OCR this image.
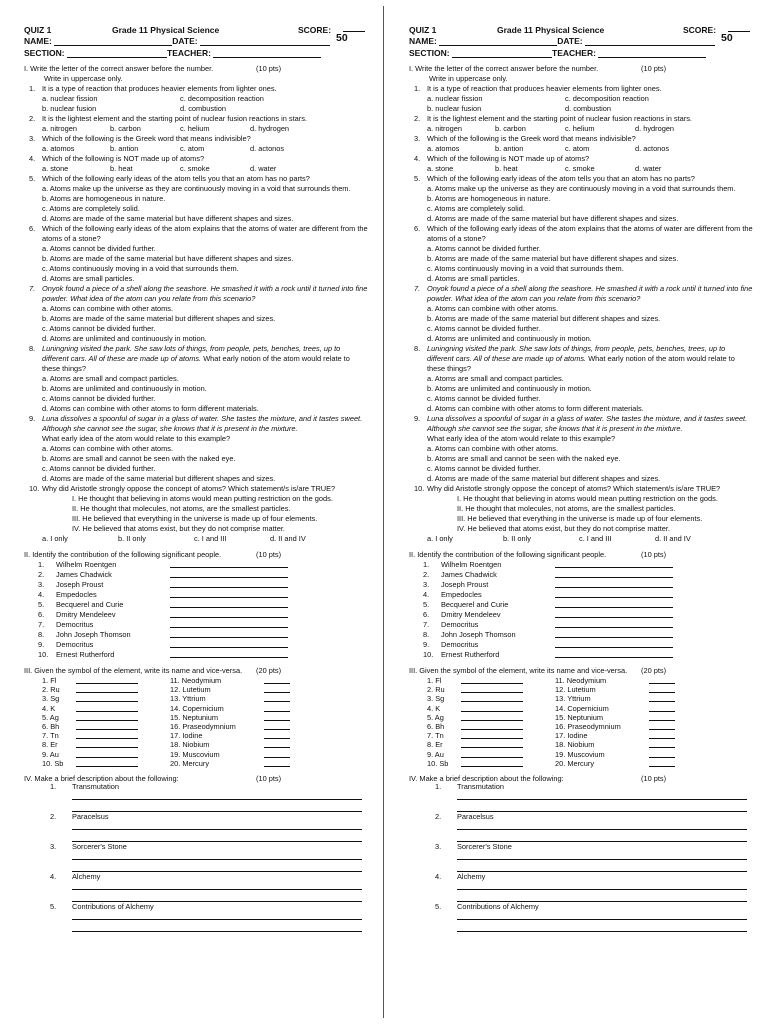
QUIZ 1	Grade 11 Physical Science	SCORE:
50
NAME:	DATE:
SECTION:	TEACHER:
I. Write the letter of the correct answer before the number.	(10 pts)
Write in uppercase only.
1. It is a type of reaction that produces heavier elements from lighter ones.
a. nuclear fission	c. decomposition reaction
b. nuclear fusion	d. combustion
2. It is the lightest element and the starting point of nuclear fusion reactions in stars.
a. nitrogen	b. carbon	c. helium	d. hydrogen
3. Which of the following is the Greek word that means indivisible?
a. atomos	b. antion	c. atom	d. actonos
4. Which of the following is NOT made up of atoms?
a. stone	b. heat	c. smoke	d. water
5. Which of the following early ideas of the atom tells you that an atom has no parts?
a. Atoms make up the universe as they are continuously moving in a void that surrounds them.
b. Atoms are homogeneous in nature.
c. Atoms are completely solid.
d. Atoms are made of the same material but have different shapes and sizes.
6. Which of the following early ideas of the atom explains that the atoms of water are different from the atoms of a stone?
a. Atoms cannot be divided further.
b. Atoms are made of the same material but have different shapes and sizes.
c. Atoms continuously moving in a void that surrounds them.
d. Atoms are small particles.
7. Onyok found a piece of a shell along the seashore. He smashed it with a rock until it turned into fine powder. What idea of the atom can you relate from this scenario?
a. Atoms can combine with other atoms.
b. Atoms are made of the same material but different shapes and sizes.
c. Atoms cannot be divided further.
d. Atoms are unlimited and continuously in motion.
8. Luningning visited the park. She saw lots of things, from people, pets, benches, trees, up to different cars. All of these are made up of atoms. What early notion of the atom would relate to these things?
a. Atoms are small and compact particles.
b. Atoms are unlimited and continuously in motion.
c. Atoms cannot be divided further.
d. Atoms can combine with other atoms to form different materials.
9. Luna dissolves a spoonful of sugar in a glass of water. She tastes the mixture, and it tastes sweet. Although she cannot see the sugar, she knows that it is present in the mixture.
What early idea of the atom would relate to this example?
a. Atoms can combine with other atoms.
b. Atoms are small and cannot be seen with the naked eye.
c. Atoms cannot be divided further.
d. Atoms are made of the same material but different shapes and sizes.
10. Why did Aristotle strongly oppose the concept of atoms? Which statement/s is/are TRUE?
I. He thought that believing in atoms would mean putting restriction on the gods.
II. He thought that molecules, not atoms, are the smallest particles.
III. He believed that everything in the universe is made up of four elements.
IV. He believed that atoms exist, but they do not comprise matter.
a. I only	b. II only	c. I and III	d. II and IV
II. Identify the contribution of the following significant people.	(10 pts)
1. Wilhelm Roentgen
2. James Chadwick
3. Joseph Proust
4. Empedocles
5. Becquerel and Curie
6. Dmitry Mendeleev
7. Democritus
8. John Joseph Thomson
9. Democritus
10. Ernest Rutherford
III. Given the symbol of the element, write its name and vice-versa. (20 pts)
1. Fl	11. Neodymium
2. Ru	12. Lutetium
3. Sg	13. Yttrium
4. K	14. Copernicium
5. Ag	15. Neptunium
6. Bh	16. Praseodymnium
7. Tn	17. Iodine
8. Er	18. Niobium
9. Au	19. Muscovium
10. Sb	20. Mercury
IV. Make a brief description about the following:	(10 pts)
1. Transmutation
2. Paracelsus
3. Sorcerer's Stone
4. Alchemy
5. Contributions of Alchemy
QUIZ 1	Grade 11 Physical Science	SCORE:
50
NAME:	DATE:
SECTION:	TEACHER:
I. Write the letter of the correct answer before the number.	(10 pts)
Write in uppercase only.
1. It is a type of reaction that produces heavier elements from lighter ones.
a. nuclear fission	c. decomposition reaction
b. nuclear fusion	d. combustion
2. It is the lightest element and the starting point of nuclear fusion reactions in stars.
a. nitrogen	b. carbon	c. helium	d. hydrogen
3. Which of the following is the Greek word that means indivisible?
a. atomos	b. antion	c. atom	d. actonos
4. Which of the following is NOT made up of atoms?
a. stone	b. heat	c. smoke	d. water
5. Which of the following early ideas of the atom tells you that an atom has no parts?
a. Atoms make up the universe as they are continuously moving in a void that surrounds them.
b. Atoms are homogeneous in nature.
c. Atoms are completely solid.
d. Atoms are made of the same material but have different shapes and sizes.
6. Which of the following early ideas of the atom explains that the atoms of water are different from the atoms of a stone?
a. Atoms cannot be divided further.
b. Atoms are made of the same material but have different shapes and sizes.
c. Atoms continuously moving in a void that surrounds them.
d. Atoms are small particles.
7. Onyok found a piece of a shell along the seashore. He smashed it with a rock until it turned into fine powder. What idea of the atom can you relate from this scenario?
a. Atoms can combine with other atoms.
b. Atoms are made of the same material but different shapes and sizes.
c. Atoms cannot be divided further.
d. Atoms are unlimited and continuously in motion.
8. Luningning visited the park. She saw lots of things, from people, pets, benches, trees, up to different cars. All of these are made up of atoms. What early notion of the atom would relate to these things?
a. Atoms are small and compact particles.
b. Atoms are unlimited and continuously in motion.
c. Atoms cannot be divided further.
d. Atoms can combine with other atoms to form different materials.
9. Luna dissolves a spoonful of sugar in a glass of water. She tastes the mixture, and it tastes sweet. Although she cannot see the sugar, she knows that it is present in the mixture.
What early idea of the atom would relate to this example?
a. Atoms can combine with other atoms.
b. Atoms are small and cannot be seen with the naked eye.
c. Atoms cannot be divided further.
d. Atoms are made of the same material but different shapes and sizes.
10. Why did Aristotle strongly oppose the concept of atoms? Which statement/s is/are TRUE?
I. He thought that believing in atoms would mean putting restriction on the gods.
II. He thought that molecules, not atoms, are the smallest particles.
III. He believed that everything in the universe is made up of four elements.
IV. He believed that atoms exist, but they do not comprise matter.
a. I only	b. II only	c. I and III	d. II and IV
II. Identify the contribution of the following significant people.	(10 pts)
1. Wilhelm Roentgen
2. James Chadwick
3. Joseph Proust
4. Empedocles
5. Becquerel and Curie
6. Dmitry Mendeleev
7. Democritus
8. John Joseph Thomson
9. Democritus
10. Ernest Rutherford
III. Given the symbol of the element, write its name and vice-versa. (20 pts)
1. Fl	11. Neodymium
2. Ru	12. Lutetium
3. Sg	13. Yttrium
4. K	14. Copernicium
5. Ag	15. Neptunium
6. Bh	16. Praseodymnium
7. Tn	17. Iodine
8. Er	18. Niobium
9. Au	19. Muscovium
10. Sb	20. Mercury
IV. Make a brief description about the following:	(10 pts)
1. Transmutation
2. Paracelsus
3. Sorcerer's Stone
4. Alchemy
5. Contributions of Alchemy
